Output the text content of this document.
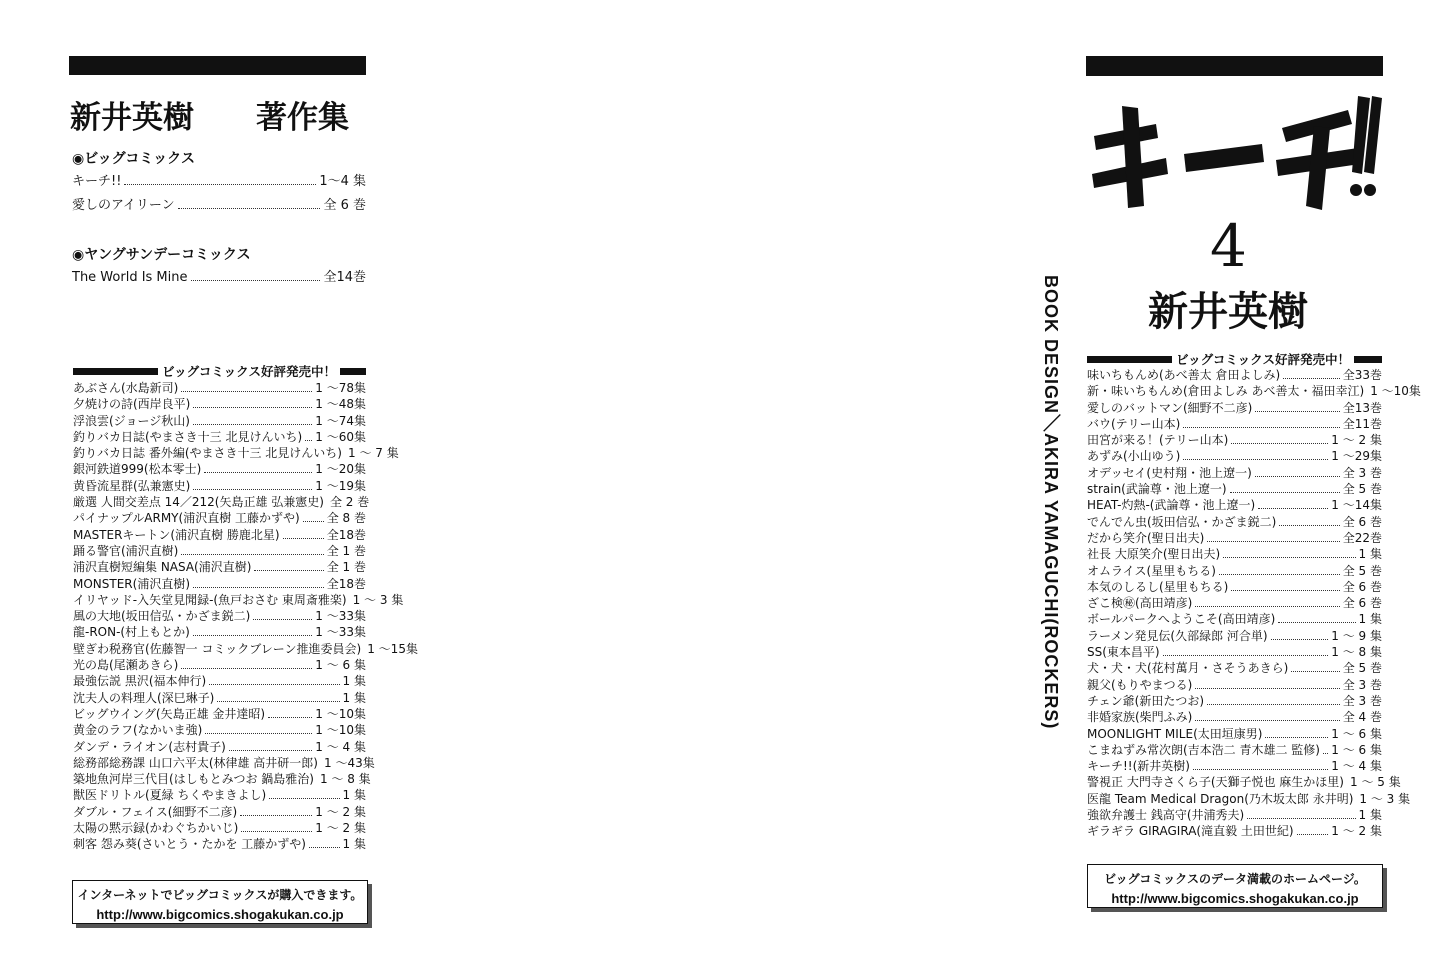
新井英樹 著作集
◉ビッグコミックス
キーチ!!	1～4 集
愛しのアイリーン	全 6 巻
◉ヤングサンデーコミックス
The World Is Mine	全14巻
ビッグコミックス好評発売中！
あぶさん(水島新司)	1 ～78集
夕焼けの詩(西岸良平)	1 ～48集
浮浪雲(ジョージ秋山)	1 ～74集
釣りバカ日誌(やまさき十三 北見けんいち) 1 ～60集
釣りバカ日誌 番外編(やまさき十三 北見けんいち) 1 ～ 7 集
銀河鉄道999(松本零士)	1 ～20集
黄昏流星群(弘兼憲史)	1 ～19集
厳選 人間交差点 14／212(矢島正雄 弘兼憲史) 全 2 巻
パイナップルARMY(浦沢直樹 工藤かずや) 全 8 巻
MASTERキートン(浦沢直樹 勝鹿北星)	全18巻
踊る警官(浦沢直樹)	全 1 巻
浦沢直樹短編集 NASA(浦沢直樹)	全 1 巻
MONSTER(浦沢直樹)	全18巻
イリヤッド-入矢堂見聞録-(魚戸おさむ 東周斎雅楽) 1 ～ 3 集
風の大地(坂田信弘・かざま鋭二)	1 ～33集
龍-RON-(村上もとか)	1 ～33集
壁ぎわ税務官(佐藤智一 コミックブレーン推進委員会) 1 ～15集
光の島(尾瀬あきら)	1 ～ 6 集
最強伝説 黒沢(福本伸行)	1 集
沈夫人の料理人(深巳琳子)	1 集
ビッグウイング(矢島正雄 金井達昭)	1 ～10集
黄金のラフ(なかいま強)	1 ～10集
ダンデ・ライオン(志村貴子)	1 ～ 4 集
総務部総務課 山口六平太(林律雄 高井研一郎) 1 ～43集
築地魚河岸三代目(はしもとみつお 鍋島雅治) 1 ～ 8 集
獣医ドリトル(夏緑 ちくやまきよし)	1 集
ダブル・フェイス(細野不二彦)	1 ～ 2 集
太陽の黙示録(かわぐちかいじ)	1 ～ 2 集
刺客 怨み葵(さいとう・たかを 工藤かずや)	1 集
インターネットでビッグコミックスが購入できます。
http://www.bigcomics.shogakukan.co.jp
BOOK DESIGN／AKIRA YAMAGUCHI(ROCKERS)
4
新井英樹
ビッグコミックス好評発売中！
味いちもんめ(あべ善太 倉田よしみ)	全33巻
新・味いちもんめ(倉田よしみ あべ善太・福田幸江) 1 ～10集
愛しのバットマン(細野不二彦)	全13巻
バウ(テリー山本)	全11巻
田宮が来る！(テリー山本)	1 ～ 2 集
あずみ(小山ゆう)	1 ～29集
オデッセイ(史村翔・池上遼一)	全 3 巻
strain(武論尊・池上遼一)	全 5 巻
HEAT-灼熱-(武論尊・池上遼一)	1 ～14集
でんでん虫(坂田信弘・かざま鋭二)	全 6 巻
だから笑介(聖日出夫)	全22巻
社長 大原笑介(聖日出夫)	1 集
オムライス(星里もちる)	全 5 巻
本気のしるし(星里もちる)	全 6 巻
ざこ検㊙(高田靖彦)	全 6 巻
ボールパークへようこそ(高田靖彦)	1 集
ラーメン発見伝(久部緑郎 河合単)	1 ～ 9 集
SS(東本昌平)	1 ～ 8 集
犬・犬・犬(花村萬月・さそうあきら)	全 5 巻
親父(もりやまつる)	全 3 巻
チェン爺(新田たつお)	全 3 巻
非婚家族(柴門ふみ)	全 4 巻
MOONLIGHT MILE(太田垣康男)	1 ～ 6 集
こまねずみ常次朗(吉本浩二 青木雄二 監修) 1 ～ 6 集
キーチ!!(新井英樹)	1 ～ 4 集
警視正 大門寺さくら子(天獅子悦也 麻生かほ里) 1 ～ 5 集
医龍 Team Medical Dragon(乃木坂太郎 永井明) 1 ～ 3 集
強欲弁護士 銭高守(井浦秀夫)	1 集
ギラギラ GIRAGIRA(滝直毅 土田世紀)	1 ～ 2 集
ビッグコミックスのデータ満載のホームページ。
http://www.bigcomics.shogakukan.co.jp
